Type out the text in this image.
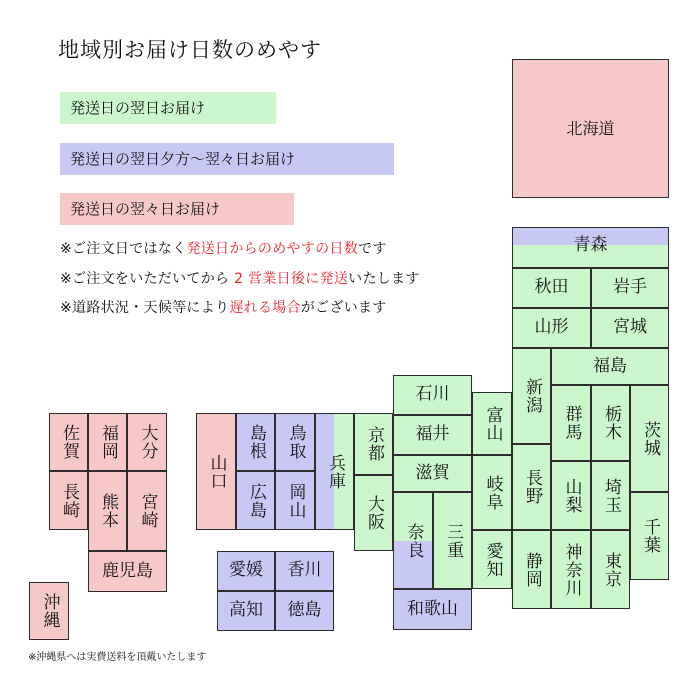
地域別お届け日数のめやす
発送日の翌日お届け
発送日の翌日夕方〜翌々日お届け
発送日の翌々日お届け
※ご注文日ではなく発送日からのめやすの日数です
※ご注文をいただいてから 2 営業日後に発送いたします
※道路状況・天候等により遅れる場合がございます
北海道
青森
秋田	岩手
山形	宮城
福島
新潟
群馬 栃木 茨城
埼玉
千葉
東京
神奈川
山梨
長野
静岡
富山
石川
福井
岐阜
愛知
滋賀
三重
奈良
和歌山
京都
大阪
兵庫
島根 鳥取
広島 岡山
山口
愛媛 香川
高知 徳島
佐賀 福岡 大分
長崎 熊本 宮崎
鹿児島
沖縄
※沖縄県へは実費送料を頂戴いたします
